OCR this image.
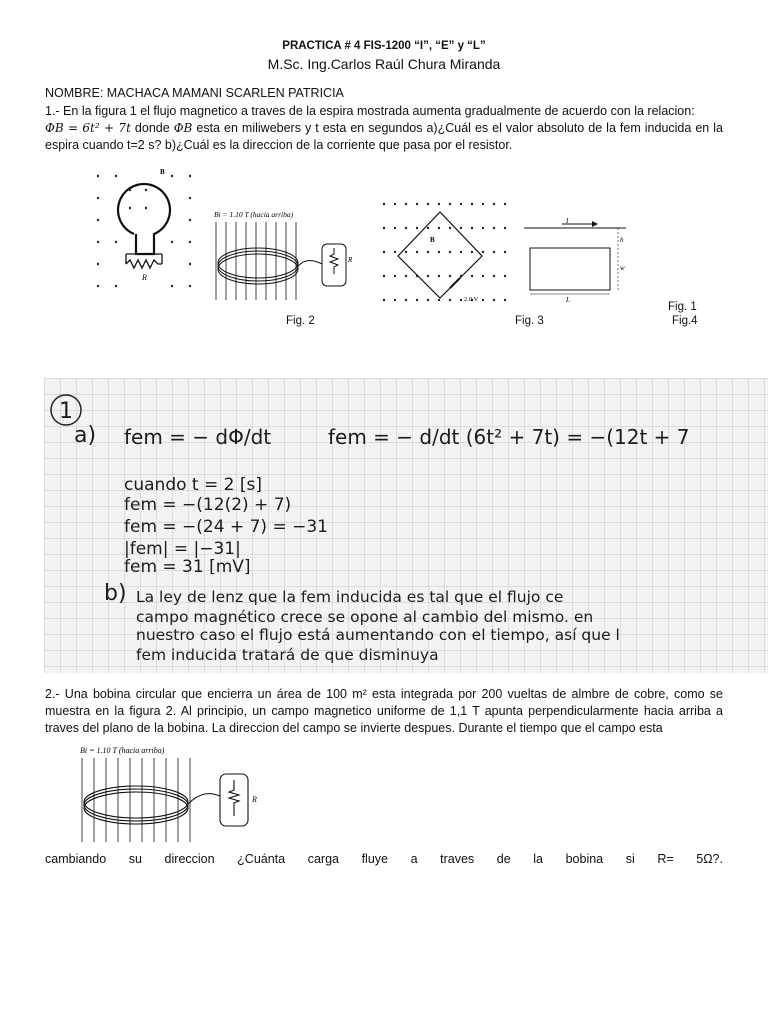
PRACTICA # 4 FIS-1200 “I”, “E” y “L”
M.Sc. Ing.Carlos Raúl Chura Miranda
NOMBRE: MACHACA MAMANI SCARLEN PATRICIA
1.- En la figura 1 el flujo magnetico a traves de la espira mostrada aumenta gradualmente de acuerdo con la relacion:
ΦB = 6t² + 7t donde ΦB esta en miliwebers y t esta en segundos a)¿Cuál es el valor absoluto de la fem inducida en la
espira cuando t=2 s? b)¿Cuál es la direccion de la corriente que pasa por el resistor.
R
B
Bi = 1.10 T (hacia arriba)
R
B
2.0 V
I
h
w
L
Fig. 1
Fig. 2	Fig. 3	Fig.4
1
a) fem = − dΦ/dt	fem = − d/dt (6t² + 7t) = −(12t + 7
cuando t = 2 [s]
fem = −(12(2) + 7)
fem = −(24 + 7) = −31
|fem| = |−31|
fem = 31 [mV]
b) La ley de lenz que la fem inducida es tal que el flujo ce
campo magnético crece se opone al cambio del mismo. en
nuestro caso el flujo está aumentando con el tiempo, así que l
fem inducida tratará de que disminuya
2.- Una bobina circular que encierra un área de 100 m² esta integrada por 200 vueltas de almbre de cobre, como se muestra en la figura 2. Al principio, un campo magnetico uniforme de 1,1 T apunta perpendicularmente hacia arriba a traves del plano de la bobina. La direccion del campo se invierte despues. Durante el tiempo que el campo esta
Bi = 1.10 T (hacia arriba)
R
cambiando su direccion ¿Cuánta carga fluye a traves de la bobina si R= 5Ω?.
